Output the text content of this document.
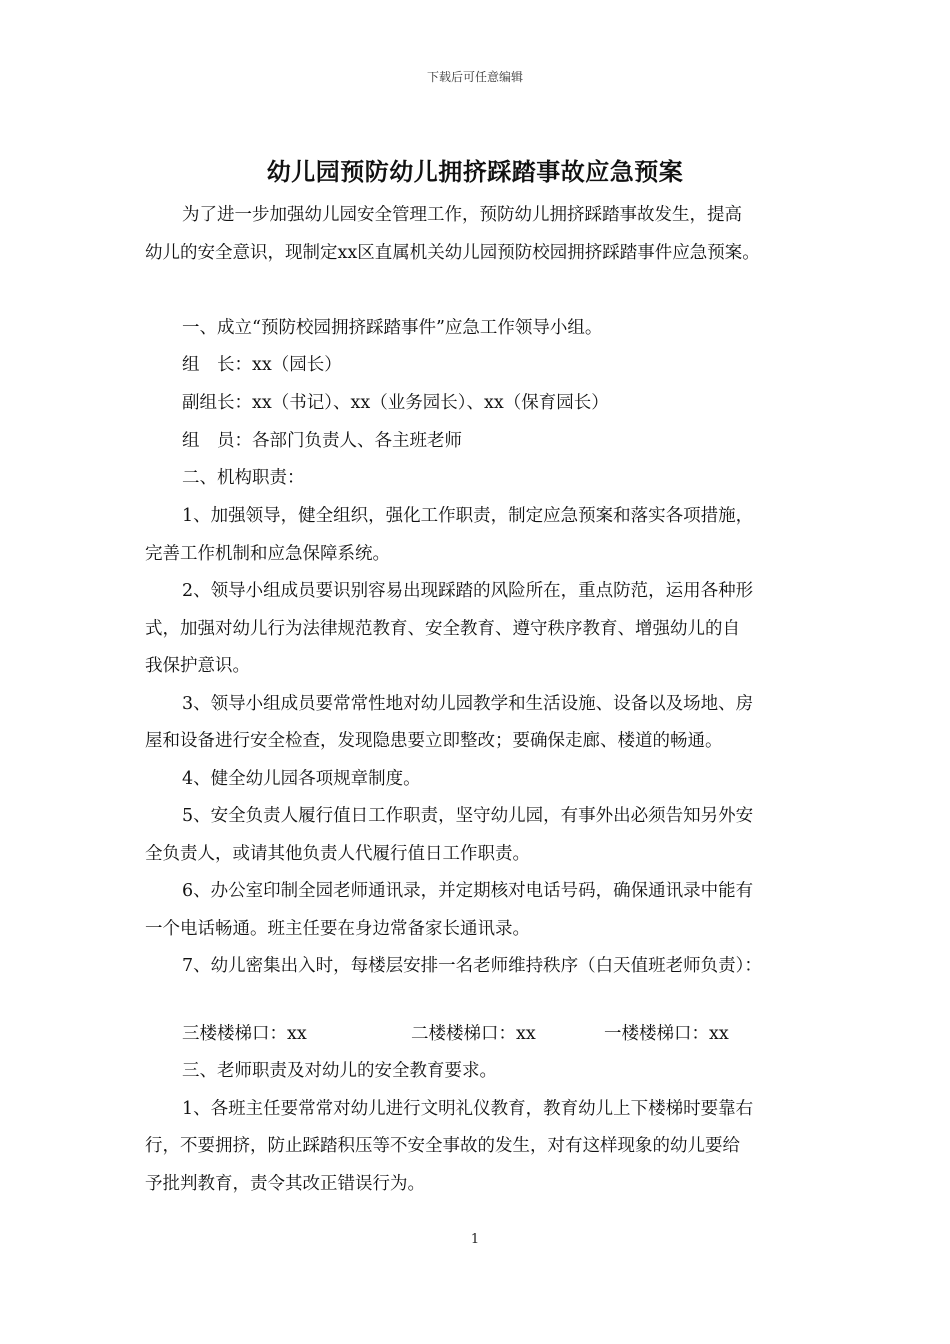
下载后可任意编辑
幼儿园预防幼儿拥挤踩踏事故应急预案

为了进一步加强幼儿园安全管理工作，预防幼儿拥挤踩踏事故发生，提高

幼儿的安全意识，现制定xx区直属机关幼儿园预防校园拥挤踩踏事件应急预案。

一、成立“预防校园拥挤踩踏事件”应急工作领导小组。

组　长：xx（园长）

副组长：xx（书记）、xx（业务园长）、xx（保育园长）

组　员：各部门负责人、各主班老师

二、机构职责：

1、加强领导，健全组织，强化工作职责，制定应急预案和落实各项措施，

完善工作机制和应急保障系统。

2、领导小组成员要识别容易出现踩踏的风险所在，重点防范，运用各种形

式，加强对幼儿行为法律规范教育、安全教育、遵守秩序教育、增强幼儿的自

我保护意识。

3、领导小组成员要常常性地对幼儿园教学和生活设施、设备以及场地、房

屋和设备进行安全检查，发现隐患要立即整改；要确保走廊、楼道的畅通。

4、健全幼儿园各项规章制度。

5、安全负责人履行值日工作职责，坚守幼儿园，有事外出必须告知另外安

全负责人，或请其他负责人代履行值日工作职责。

6、办公室印制全园老师通讯录，并定期核对电话号码，确保通讯录中能有

一个电话畅通。班主任要在身边常备家长通讯录。

7、幼儿密集出入时，每楼层安排一名老师维持秩序（白天值班老师负责）：

三楼楼梯口：xx	二楼楼梯口：xx	一楼楼梯口：xx

三、老师职责及对幼儿的安全教育要求。

1、各班主任要常常对幼儿进行文明礼仪教育，教育幼儿上下楼梯时要靠右

行，不要拥挤，防止踩踏积压等不安全事故的发生，对有这样现象的幼儿要给

予批判教育，责令其改正错误行为。

1
